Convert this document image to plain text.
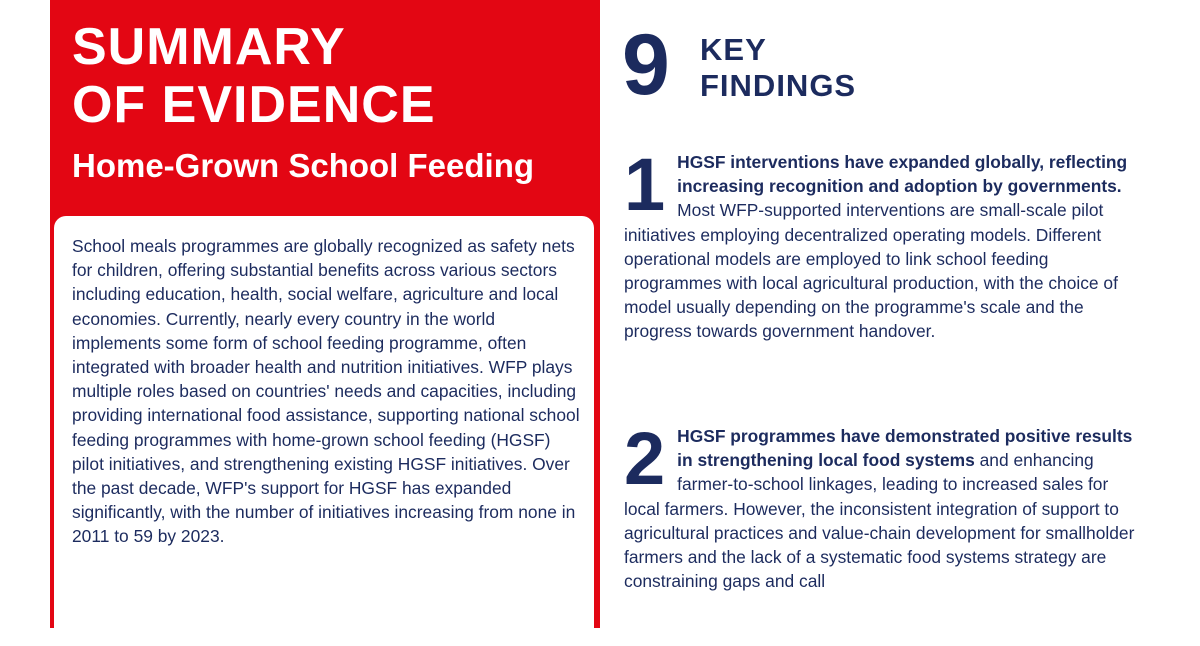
SUMMARY
OF EVIDENCE
Home-Grown School Feeding

School meals programmes are globally recognized as safety nets for children, offering substantial benefits across various sectors including education, health, social welfare, agriculture and local economies. Currently, nearly every country in the world implements some form of school feeding programme, often integrated with broader health and nutrition initiatives. WFP plays multiple roles based on countries' needs and capacities, including providing international food assistance, supporting national school feeding programmes with home-grown school feeding (HGSF) pilot initiatives, and strengthening existing HGSF initiatives. Over the past decade, WFP's support for HGSF has expanded significantly, with the number of initiatives increasing from none in 2011 to 59 by 2023.

9 KEY
FINDINGS
1 HGSF interventions have expanded globally, reflecting increasing recognition and adoption by governments. Most WFP-supported interventions are small-scale pilot initiatives employing decentralized operating models. Different operational models are employed to link school feeding programmes with local agricultural production, with the choice of model usually depending on the programme's scale and the progress towards government handover.

2 HGSF programmes have demonstrated positive results in strengthening local food systems and enhancing farmer-to-school linkages, leading to increased sales for local farmers. However, the inconsistent integration of support to agricultural practices and value-chain development for smallholder farmers and the lack of a systematic food systems strategy are constraining gaps and call
